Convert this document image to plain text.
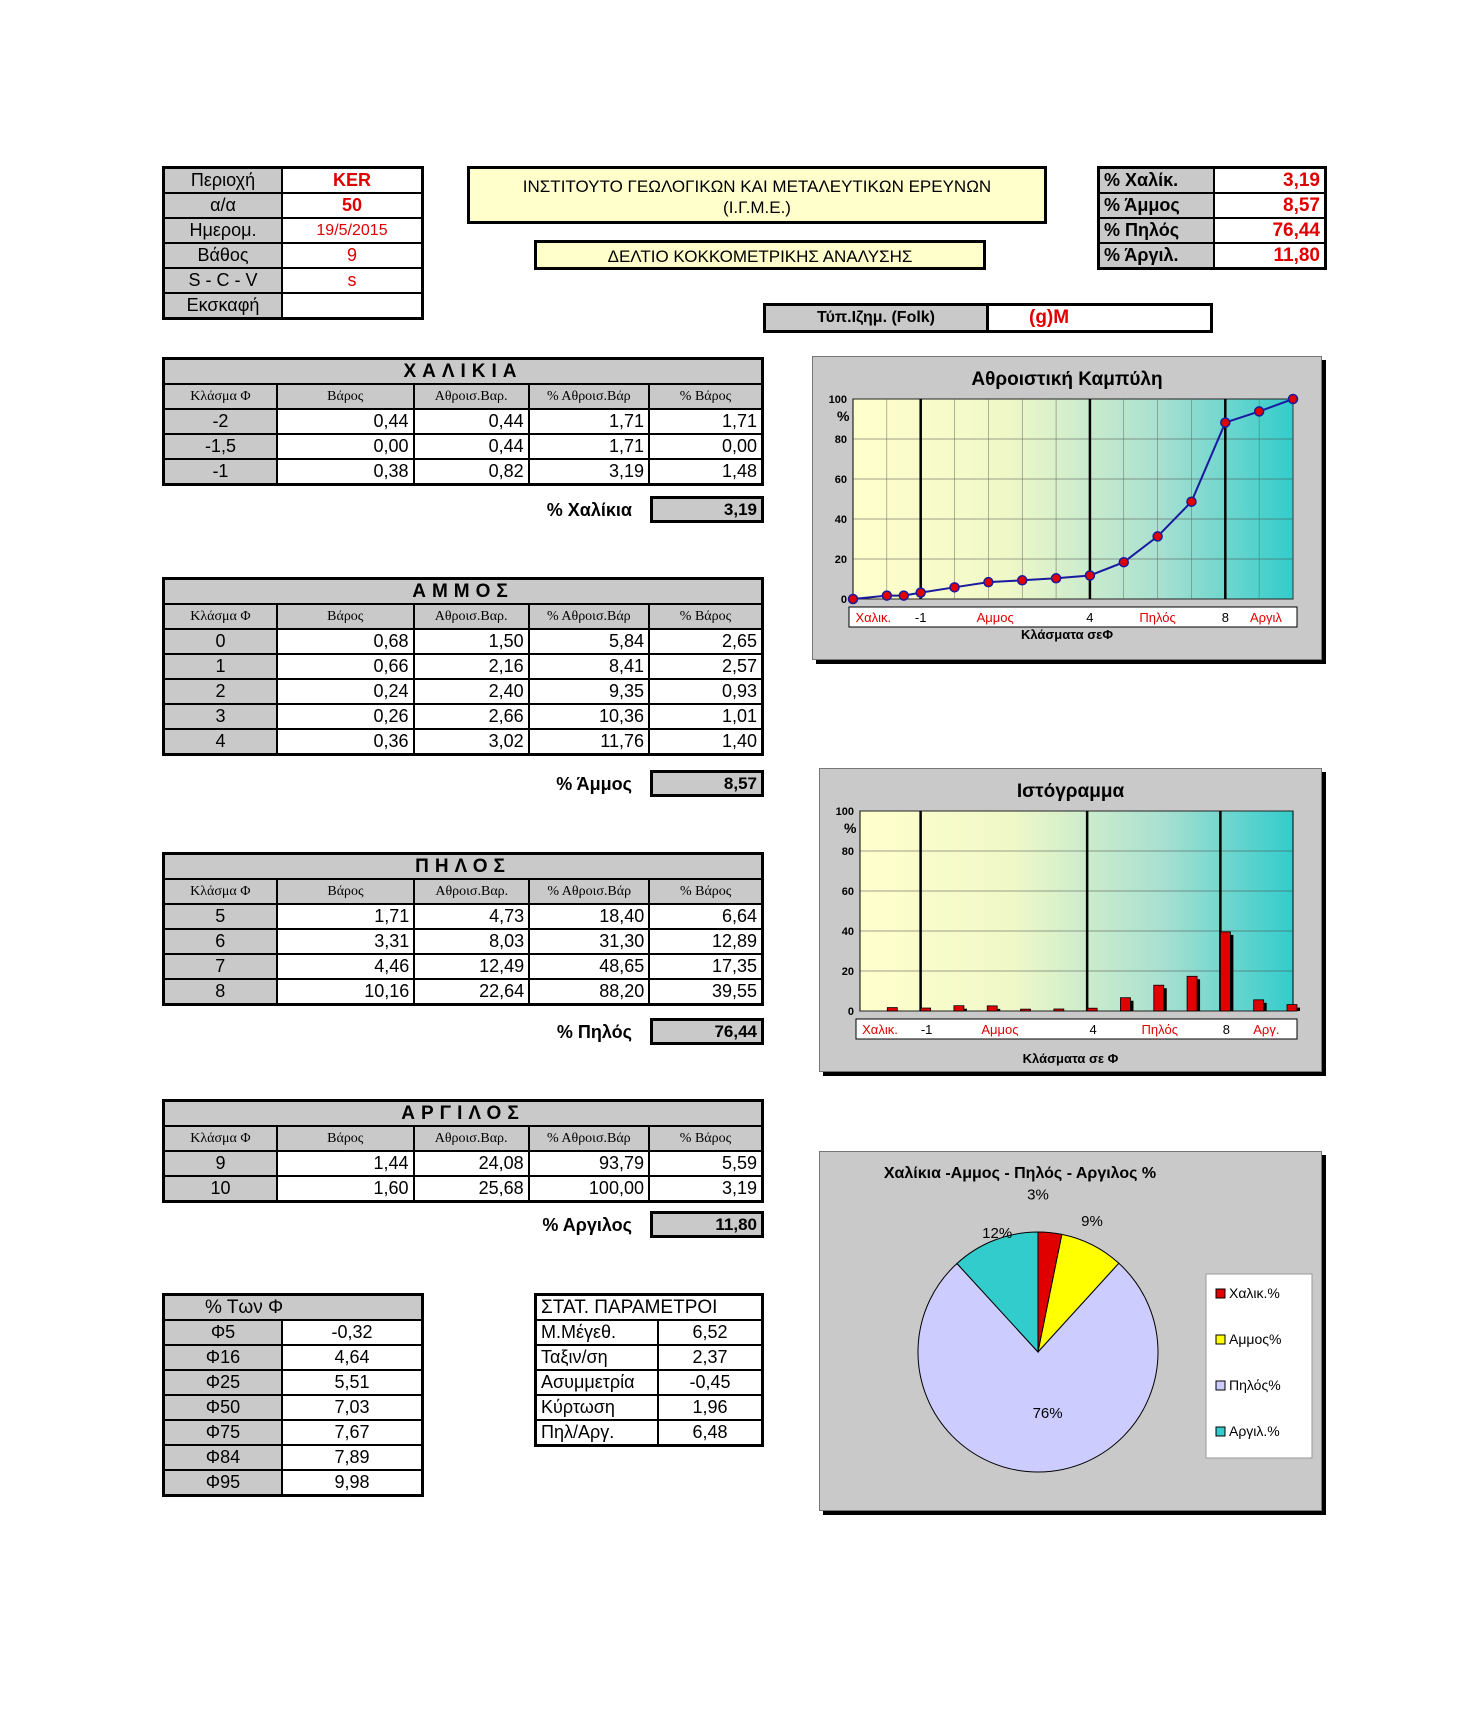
Περιοχή	KER
α/α	50
Ημερομ.	19/5/2015
Βάθος	9
S - C - V	s
Εκσκαφή	
ΙΝΣΤΙΤΟΥΤΟ ΓΕΩΛΟΓΙΚΩΝ ΚΑΙ ΜΕΤΑΛΕΥΤΙΚΩΝ ΕΡΕΥΝΩΝ
(Ι.Γ.Μ.Ε.)
ΔΕΛΤΙΟ ΚΟΚΚΟΜΕΤΡΙΚΗΣ ΑΝΑΛΥΣΗΣ
Τύπ.Ιζημ. (Folk)	(g)M
% Χαλίκ.	3,19
% Άμμος	8,57
% Πηλός	76,44
% Άργιλ.	11,80
ΧΑΛΙΚΙΑ				
Κλάσμα Φ	Βάρος	Αθροισ.Βαρ.	% Αθροισ.Βάρ	% Βάρος
-2	0,44	0,44	1,71	1,71
-1,5	0,00	0,44	1,71	0,00
-1	0,38	0,82	3,19	1,48
% Χαλίκια	3,19
ΑΜΜΟΣ				
Κλάσμα Φ	Βάρος	Αθροισ.Βαρ.	% Αθροισ.Βάρ	% Βάρος
0	0,68	1,50	5,84	2,65
1	0,66	2,16	8,41	2,57
2	0,24	2,40	9,35	0,93
3	0,26	2,66	10,36	1,01
4	0,36	3,02	11,76	1,40
% Άμμος	8,57
ΠΗΛΟΣ				
Κλάσμα Φ	Βάρος	Αθροισ.Βαρ.	% Αθροισ.Βάρ	% Βάρος
5	1,71	4,73	18,40	6,64
6	3,31	8,03	31,30	12,89
7	4,46	12,49	48,65	17,35
8	10,16	22,64	88,20	39,55
% Πηλός	76,44
ΑΡΓΙΛΟΣ				
Κλάσμα Φ	Βάρος	Αθροισ.Βαρ.	% Αθροισ.Βάρ	% Βάρος
9	1,44	24,08	93,79	5,59
10	1,60	25,68	100,00	3,19
% Αργιλος	11,80
% Των Φ	
Φ5	-0,32
Φ16	4,64
Φ25	5,51
Φ50	7,03
Φ75	7,67
Φ84	7,89
Φ95	9,98
ΣΤΑΤ. ΠΑΡΑΜΕΤΡΟΙ	
Μ.Μέγεθ.	6,52
Ταξιν/ση	2,37
Ασυμμετρία	-0,45
Κύρτωση	1,96
Πηλ/Αργ.	6,48
0
20
40
60
80
100
%
Αθροιστική Καμπύλη
Χαλικ. -1	Αμμος	4	Πηλός	8 Αργιλ
Κλάσματα σεΦ
0
20
40
60
80
100
%
Ιστόγραμμα
Χαλικ. -1	Αμμος	4	Πηλός	8 Αργ.
Κλάσματα σε Φ
Χαλίκια -Αμμος - Πηλός - Αργιλος %
3%
9%
76%
12%
Χαλικ.%
Αμμος%
Πηλός%
Αργιλ.%
